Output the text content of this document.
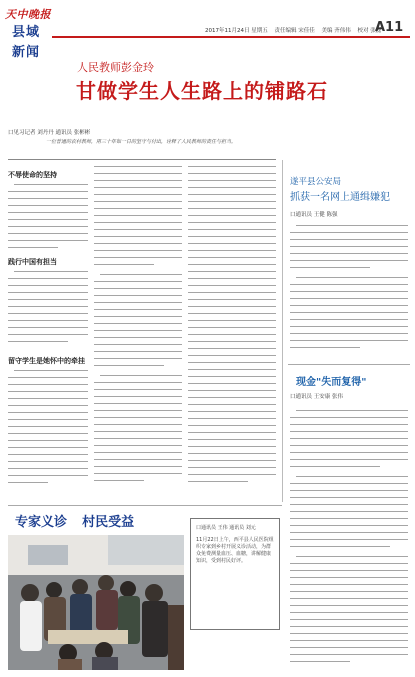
天中晚报
县域
新闻
2017年11月24日 星期五 责任编辑 宋佳佳 美编 齐伟伟 校对 张磊
A11
人民教师彭金玲
甘做学生人生路上的铺路石
口见习记者 刘丹丹 通讯员 张彬彬
一位普通的农村教师，用三十年如一日的坚守与付出，诠释了人民教师的责任与担当。
不辱使命的坚持
践行中国有担当
留守学生是她怀中的牵挂
遂平县公安局
抓获一名网上通缉嫌犯
口通讯员 王健 陈强
现金"失而复得"
口通讯员 王安康 张伟
专家义诊 村民受益	口通讯员 王伟 通讯员 刘元
11月22日上午，西平县人民医院组织专家到乡村开展义诊活动，为群众免费测量血压、血糖，讲解健康知识，受到村民好评。
